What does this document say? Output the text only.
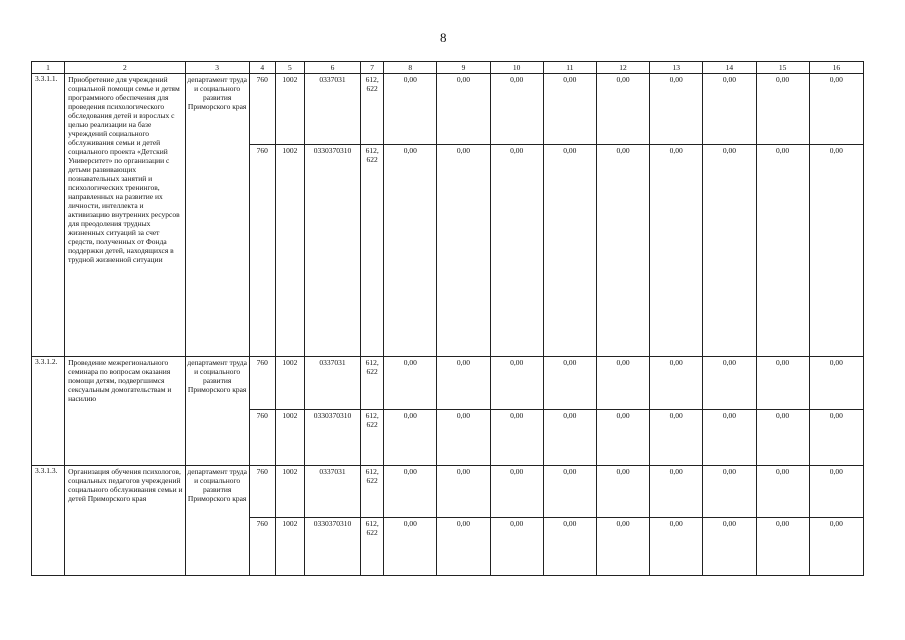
8
1	2	3	4	5	6	7	8	9	10	11	12	13	14	15	16
3.3.1.1.	Приобретение для учреждений социальной помощи семье и детям программного обеспечения для проведения психологического обследования детей и взрослых с целью реализации на базе учреждений социального обслуживания семьи и детей социального проекта «Детский Университет» по организации с детьми развивающих познавательных занятий и психологических тренингов, направленных на развитие их личности, интеллекта и активизацию внутренних ресурсов для преодоления трудных жизненных ситуаций за счет средств, полученных от Фонда поддержки детей, находящихся в трудной жизненной ситуации	департамент труда и социального развития Приморского края	760	1002	0337031	612, 622	0,00	0,00	0,00	0,00	0,00	0,00	0,00	0,00	0,00
			760	1002	0330370310	612, 622	0,00	0,00	0,00	0,00	0,00	0,00	0,00	0,00	0,00
3.3.1.2.	Проведение межрегионального семинара по вопросам оказания помощи детям, подвергшимся сексуальным домогательствам и насилию	департамент труда и социального развития Приморского края	760	1002	0337031	612, 622	0,00	0,00	0,00	0,00	0,00	0,00	0,00	0,00	0,00
			760	1002	0330370310	612, 622	0,00	0,00	0,00	0,00	0,00	0,00	0,00	0,00	0,00
3.3.1.3.	Организация обучения психологов, социальных педагогов учреждений социального обслуживания семьи и детей Приморского края	департамент труда и социального развития Приморского края	760	1002	0337031	612, 622	0,00	0,00	0,00	0,00	0,00	0,00	0,00	0,00	0,00
			760	1002	0330370310	612, 622	0,00	0,00	0,00	0,00	0,00	0,00	0,00	0,00	0,00
